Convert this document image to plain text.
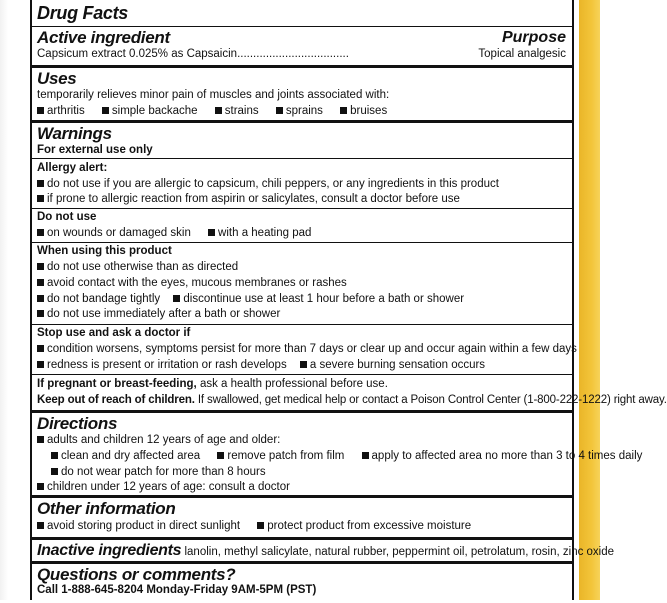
Drug Facts
Active ingredient	Purpose
Capsicum extract 0.025% as Capsaicin...................................	Topical analgesic
Uses
temporarily relieves minor pain of muscles and joints associated with:
arthritis simple backache strains sprains bruises
Warnings
For external use only
Allergy alert:
do not use if you are allergic to capsicum, chili peppers, or any ingredients in this product
if prone to allergic reaction from aspirin or salicylates, consult a doctor before use
Do not use
on wounds or damaged skin with a heating pad
When using this product
do not use otherwise than as directed
avoid contact with the eyes, mucous membranes or rashes
do not bandage tightly discontinue use at least 1 hour before a bath or shower
do not use immediately after a bath or shower
Stop use and ask a doctor if
condition worsens, symptoms persist for more than 7 days or clear up and occur again within a few days
redness is present or irritation or rash develops a severe burning sensation occurs
If pregnant or breast-feeding, ask a health professional before use.
Keep out of reach of children. If swallowed, get medical help or contact a Poison Control Center (1-800-222-1222) right away.
Directions
adults and children 12 years of age and older:
clean and dry affected area remove patch from film apply to affected area no more than 3 to 4 times daily
do not wear patch for more than 8 hours
children under 12 years of age: consult a doctor
Other information
avoid storing product in direct sunlight protect product from excessive moisture
Inactive ingredients lanolin, methyl salicylate, natural rubber, peppermint oil, petrolatum, rosin, zinc oxide
Questions or comments?
Call 1-888-645-8204 Monday-Friday 9AM-5PM (PST)
